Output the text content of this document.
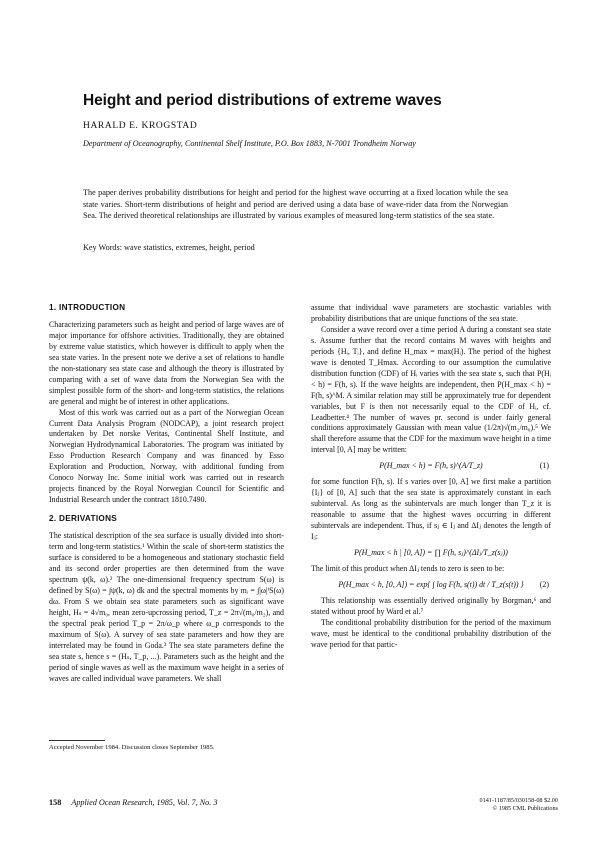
Height and period distributions of extreme waves
HARALD E. KROGSTAD
Department of Oceanography, Continental Shelf Institute, P.O. Box 1883, N-7001 Trondheim Norway
The paper derives probability distributions for height and period for the highest wave occurring at a fixed location while the sea state varies. Short-term distributions of height and period are derived using a data base of wave-rider data from the Norwegian Sea. The derived theoretical relationships are illustrated by various examples of measured long-term statistics of the sea state.
Key Words: wave statistics, extremes, height, period
1. INTRODUCTION

Characterizing parameters such as height and period of large waves are of major importance for offshore activities. Traditionally, they are obtained by extreme value statistics, which however is difficult to apply when the sea state varies. In the present note we derive a set of relations to handle the non-stationary sea state case and although the theory is illustrated by comparing with a set of wave data from the Norwegian Sea with the simplest possible form of the short- and long-term statistics, the relations are general and might be of interest in other applications.

Most of this work was carried out as a part of the Norwegian Ocean Current Data Analysis Program (NODCAP), a joint research project undertaken by Det norske Veritas, Continental Shelf Institute, and Norwegian Hydrodynamical Laboratories. The program was initiated by Esso Production Research Company and was financed by Esso Exploration and Production, Norway, with additional funding from Conoco Norway Inc. Some initial work was carried out in research projects financed by the Royal Norwegian Council for Scientific and Industrial Research under the contract 1810.7490.

2. DERIVATIONS

The statistical description of the sea surface is usually divided into short-term and long-term statistics.¹ Within the scale of short-term statistics the surface is considered to be a homogeneous and stationary stochastic field and its second order properties are then determined from the wave spectrum ψ(k, ω).² The one-dimensional frequency spectrum S(ω) is defined by S(ω) = ∫ψ(k, ω) dk and the spectral moments by mᵢ = ∫|ω|ⁱS(ω) dω. From S we obtain sea state parameters such as significant wave height, Hₛ = 4√m₀, mean zero-upcrossing period, T_z = 2π√(m₀/m₂), and the spectral peak period T_p = 2π/ω_p where ω_p corresponds to the maximum of S(ω). A survey of sea state parameters and how they are interrelated may be found in Goda.³ The sea state parameters define the sea state s, hence s = (Hₛ, T_p, ...). Parameters such as the height and the period of single waves as well as the maximum wave height in a series of waves are called individual wave parameters. We shall

Accepted November 1984. Discussion closes September 1985.

assume that individual wave parameters are stochastic variables with probability distributions that are unique functions of the sea state.

Consider a wave record over a time period A during a constant sea state s. Assume further that the record contains M waves with heights and periods {Hᵢ, Tᵢ}, and define H_max = max(Hᵢ). The period of the highest wave is denoted T_Hmax. According to our assumption the cumulative distribution function (CDF) of Hᵢ varies with the sea state s, such that P(Hᵢ < h) = F(h, s). If the wave heights are independent, then P(H_max < h) = F(h, s)^M. A similar relation may still be approximately true for dependent variables, but F is then not necessarily equal to the CDF of Hᵢ, cf. Leadbetter.⁴ The number of waves pr. second is under fairly general conditions approximately Gaussian with mean value (1/2π)√(m₂/m₀).⁵ We shall therefore assume that the CDF for the maximum wave height in a time interval [0, A] may be written:

P(H_max < h) = F(h, s)^(A/T_z)	(1)

for some function F(h, s). If s varies over [0, A] we first make a partition {Iⱼ} of [0, A] such that the sea state is approximately constant in each subinterval. As long as the subintervals are much longer than T_z it is reasonable to assume that the highest waves occurring in different subintervals are independent. Thus, if sⱼ ∈ Iⱼ and ΔIⱼ denotes the length of Iⱼ:

P(H_max < h | [0, A]) = ∏ F(h, sⱼ)^(ΔIⱼ/T_z(sⱼ))

The limit of this product when ΔIⱼ tends to zero is seen to be:

P(H_max < h, [0, A]) = exp{ ∫ log F(h, s(t)) dt / T_z(s(t)) } (2)

This relationship was essentially derived originally by Borgman,⁶ and stated without proof by Ward et al.⁷

The conditional probability distribution for the period of the maximum wave, must be identical to the conditional probability distribution of the wave period for that partic-

158 Applied Ocean Research, 1985, Vol. 7, No. 3	0141-1187/85/030158-08 $2.00
© 1985 CML Publications
